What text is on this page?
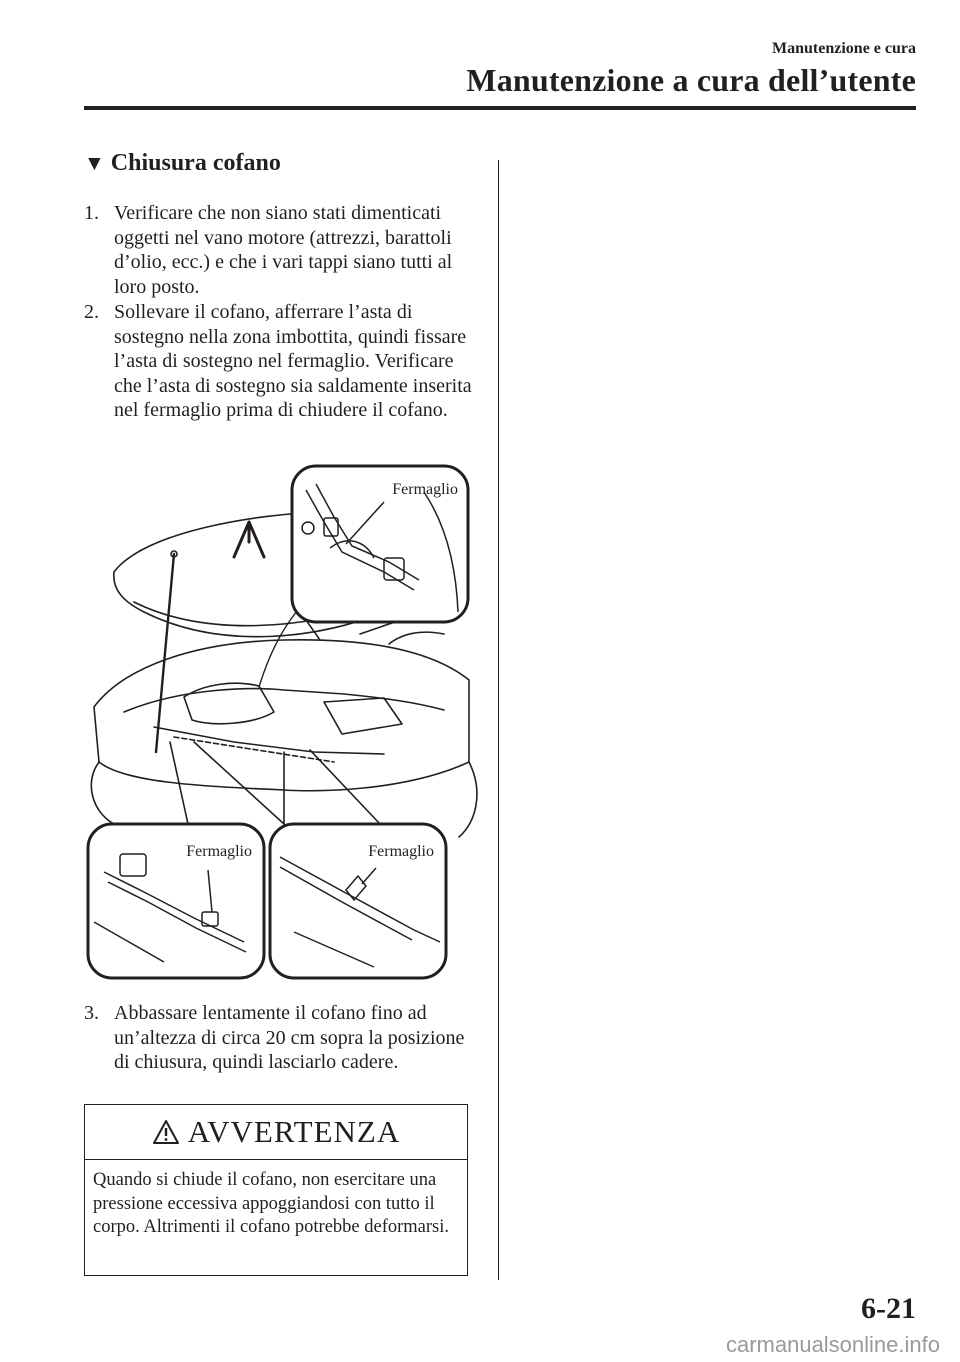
Manutenzione e cura
Manutenzione a cura dell’utente
▼ Chiusura cofano
1. Verificare che non siano stati dimenticati oggetti nel vano motore (attrezzi, barattoli d’olio, ecc.) e che i vari tappi siano tutti al loro posto.
2. Sollevare il cofano, afferrare l’asta di sostegno nella zona imbottita, quindi fissare l’asta di sostegno nel fermaglio. Verificare che l’asta di sostegno sia saldamente inserita nel fermaglio prima di chiudere il cofano.
Fermaglio
Fermaglio	Fermaglio
3. Abbassare lentamente il cofano fino ad un’altezza di circa 20 cm sopra la posizione di chiusura, quindi lasciarlo cadere.
AVVERTENZA
Quando si chiude il cofano, non esercitare una pressione eccessiva appoggiandosi con tutto il corpo. Altrimenti il cofano potrebbe deformarsi.
6-21
carmanualsonline.info
